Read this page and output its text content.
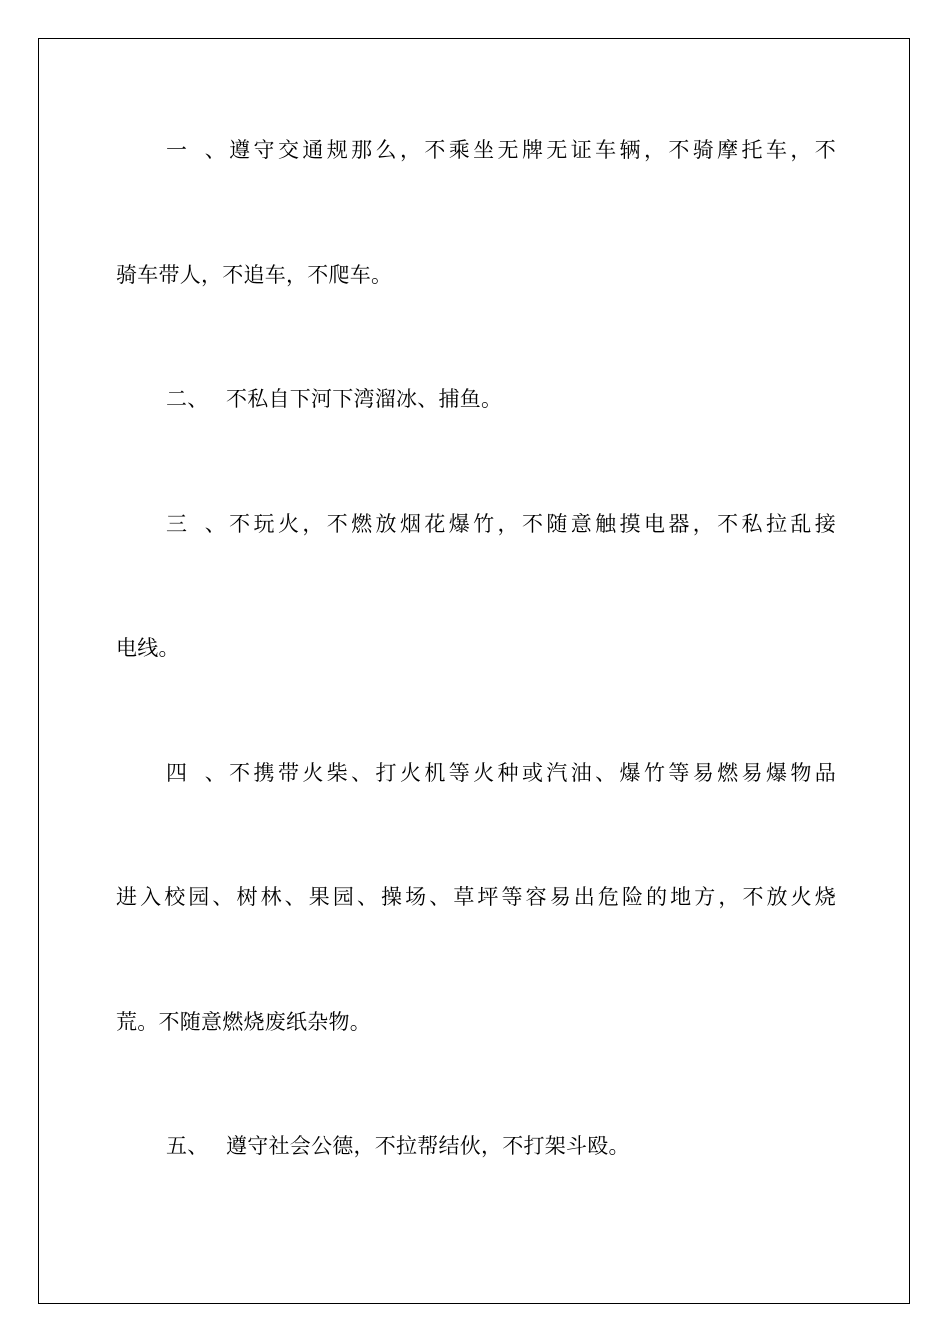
一、遵守交通规那么，不乘坐无牌无证车辆，不骑摩托车，不
骑车带人，不追车，不爬车。
二、 不私自下河下湾溜冰、捕鱼。
三、不玩火，不燃放烟花爆竹，不随意触摸电器，不私拉乱接
电线。
四、不携带火柴、打火机等火种或汽油、爆竹等易燃易爆物品
进入校园、树林、果园、操场、草坪等容易出危险的地方，不放火烧
荒。不随意燃烧废纸杂物。
五、 遵守社会公德，不拉帮结伙，不打架斗殴。
